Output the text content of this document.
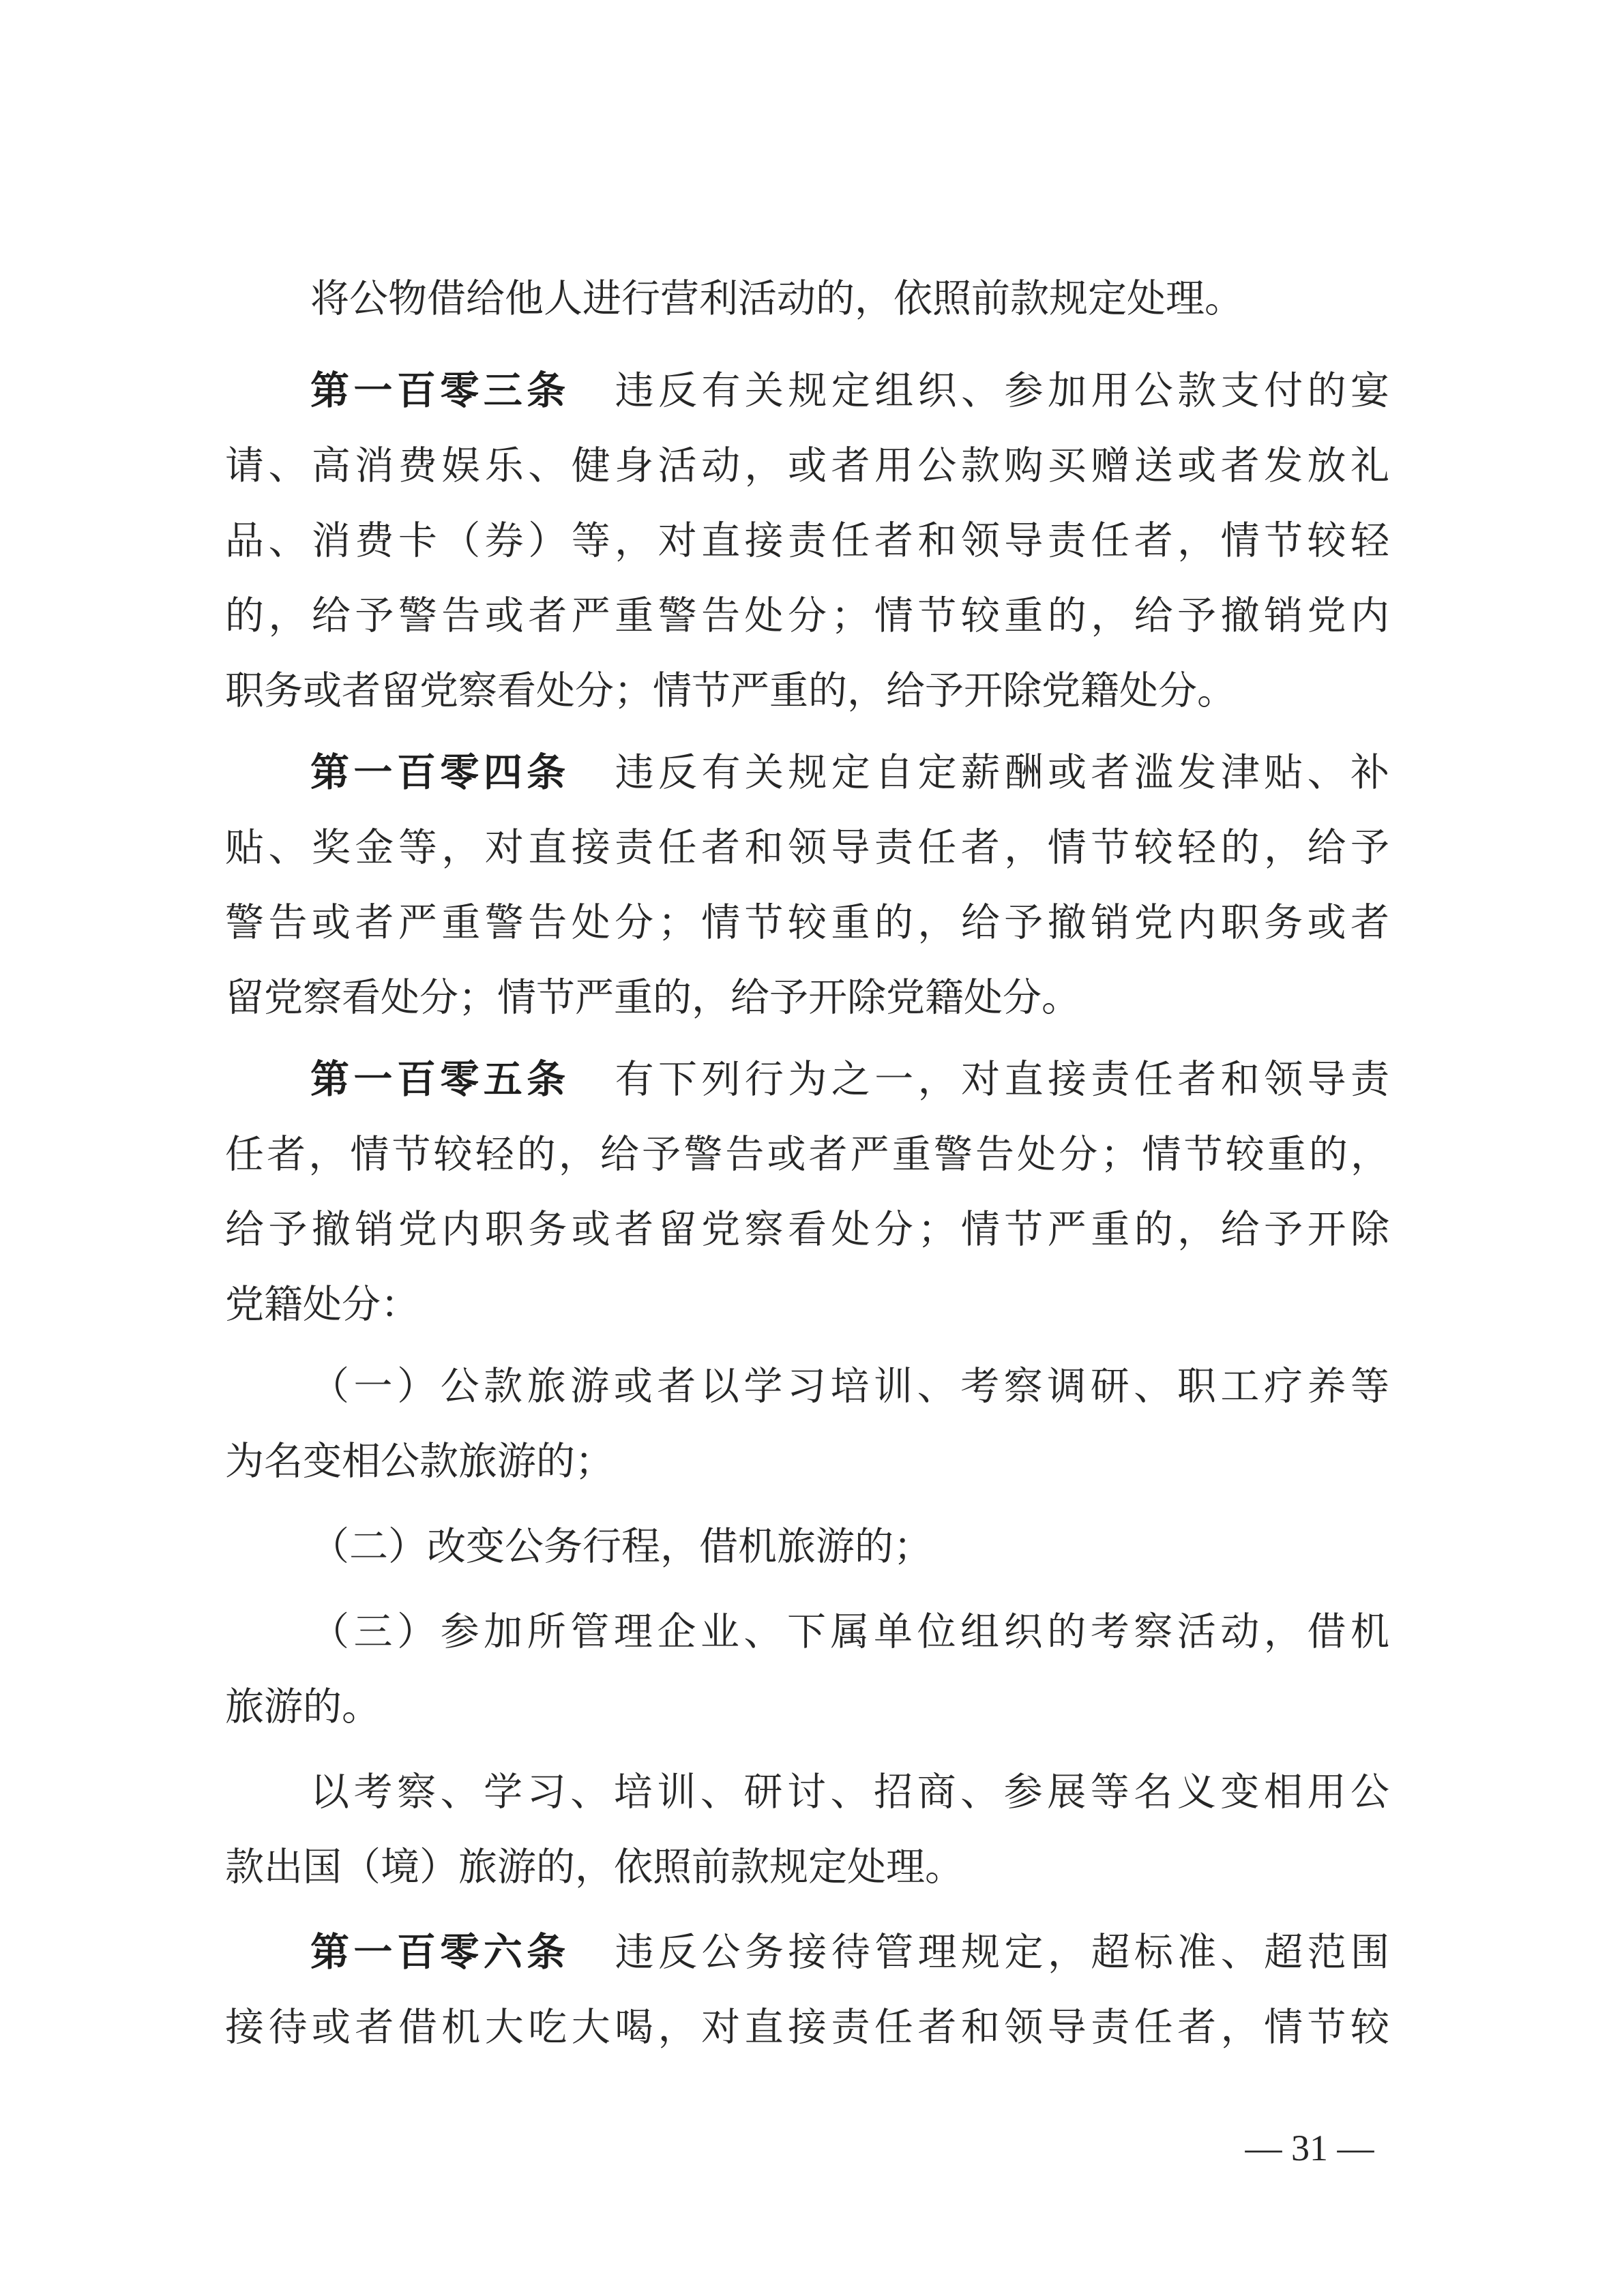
将公物借给他人进行营利活动的，依照前款规定处理。

第一百零三条 违反有关规定组织、参加用公款支付的宴

请、高消费娱乐、健身活动，或者用公款购买赠送或者发放礼

品、消费卡（券）等，对直接责任者和领导责任者，情节较轻

的，给予警告或者严重警告处分；情节较重的，给予撤销党内

职务或者留党察看处分；情节严重的，给予开除党籍处分。

第一百零四条 违反有关规定自定薪酬或者滥发津贴、补

贴、奖金等，对直接责任者和领导责任者，情节较轻的，给予

警告或者严重警告处分；情节较重的，给予撤销党内职务或者

留党察看处分；情节严重的，给予开除党籍处分。

第一百零五条 有下列行为之一，对直接责任者和领导责

任者，情节较轻的，给予警告或者严重警告处分；情节较重的，

给予撤销党内职务或者留党察看处分；情节严重的，给予开除

党籍处分：

（一）公款旅游或者以学习培训、考察调研、职工疗养等

为名变相公款旅游的；

（二）改变公务行程，借机旅游的；

（三）参加所管理企业、下属单位组织的考察活动，借机

旅游的。

以考察、学习、培训、研讨、招商、参展等名义变相用公

款出国（境）旅游的，依照前款规定处理。

第一百零六条 违反公务接待管理规定，超标准、超范围

接待或者借机大吃大喝，对直接责任者和领导责任者，情节较

— 31 —
